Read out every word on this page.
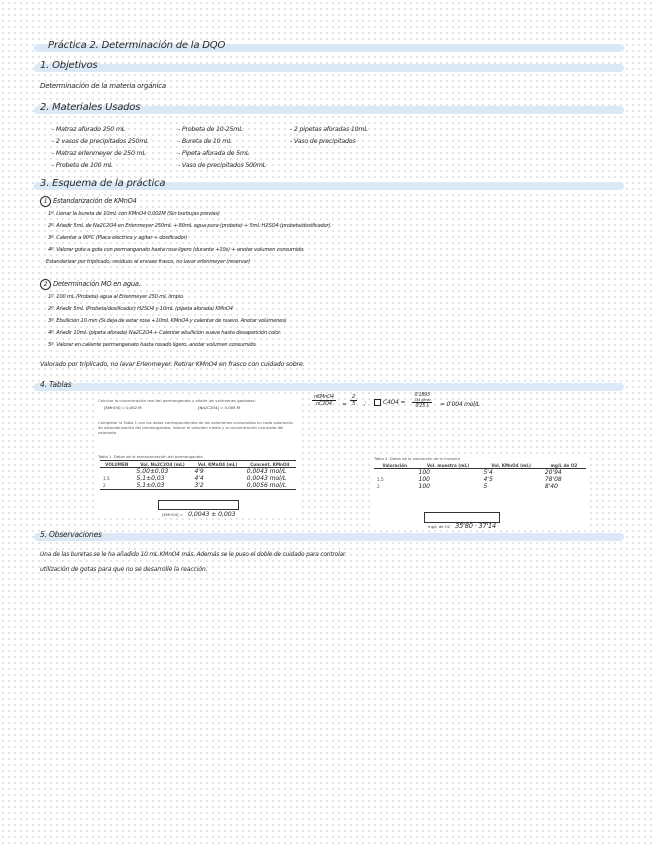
Práctica 2. Determinación de la DQO
1. Objetivos
Determinación de la materia orgánica
2. Materiales Usados
- Matraz aforado 250 mL
- 2 vasos de precipitados 250mL
- Matraz erlenmeyer de 250 mL
- Probeta de 100 mL
- Probeta de 10-25mL
- Bureta de 10 mL
- Pipeta aforada de 5mL
- Vaso de precipitados 500mL
- 2 pipetas aforadas 10mL
- Vaso de precipitados
3. Esquema de la práctica
1 Estandarización de KMnO4
1º. Llenar la bureta de 10mL con KMnO4 0,002M (Sin burbujas previas)
2º. Añadir 5mL de Na2C2O4 en Erlenmeyer 250mL + 80mL agua pura (probeta) + 5mL H2SO4 (probeta/dosificador).
3º. Calentar a 90ºC (Placa eléctrica y agitar + dosificador)
4º. Valorar gota a gota con permanganato hasta rosa ligero (durante +10s) + anotar volumen consumido.
Estandarizar por triplicado, residuos al envase frasco, no lavar erlenmeyer (reservar)
2 Determinación MO en agua.
1º. 100 mL (Probeta) agua al Erlenmeyer 250 mL limpio
2º. Añadir 5mL (Probeta/dosificador) H2SO4 y 10mL (pipeta aforada) KMnO4
3º. Ebullición 10 min (Si deja de estar rosa +10mL KMnO4 y calentar de nuevo. Anotar volúmenes)
4º. Añadir 10mL (pipeta aforada) Na2C2O4 + Calentar ebullición suave hasta desaparición color.
5º. Valorar en caliente permanganato hasta rosado ligero, anotar volumen consumido.
Valorado por triplicado, no lavar Erlenmeyer. Retirar KMnO4 en frasco con cuidado sobre.
4. Tablas
Calcular la concentración real del permanganato y añadir los volúmenes gastados:
[KMnO4] = 0,002 M	[Na2C2O4] = 0,005 M
Completar la Tabla 1 con los datos correspondientes de los volúmenes consumidos en cada valoración de estandarización del permanganato, indicar el volumen medio y la concentración calculada del valorante.
Tabla 1. Datos de la estandarización del permanganato
VOLUMEN	Vol. Na2C2O4 (mL)	Vol. KMnO4 (mL)	Concent. KMnO4
	5,00±0,03	4'9	0,0043 mol/L
1.5	5,1±0,03	4'4	0,0043 mol/L
2	5,1±0,03	3'2	0,0056 mol/L
[KMnO4] = 0,0043 ± 0,003
nKMnO4
nC2O4	=
2
5	;	C4O4 =
0'1893
134 g/mol
0'25 L	= 0'004 mol/L
Tabla 2. Datos de la valoración de la muestra
Valoración	Vol. muestra (mL)	Vol. KMnO4 (mL)	mg/L de O2
	100	5'4	20'94
1.5	100	4'5	78'08
2	100	5	8'40
mg/L de O2 35'80 · 37'14
5. Observaciones
Una de las buretas se le ha añadido 10 mL KMnO4 más. Además se le puso el doble de cuidado para controlar
utilización de gotas para que no se desarrolle la reacción.
